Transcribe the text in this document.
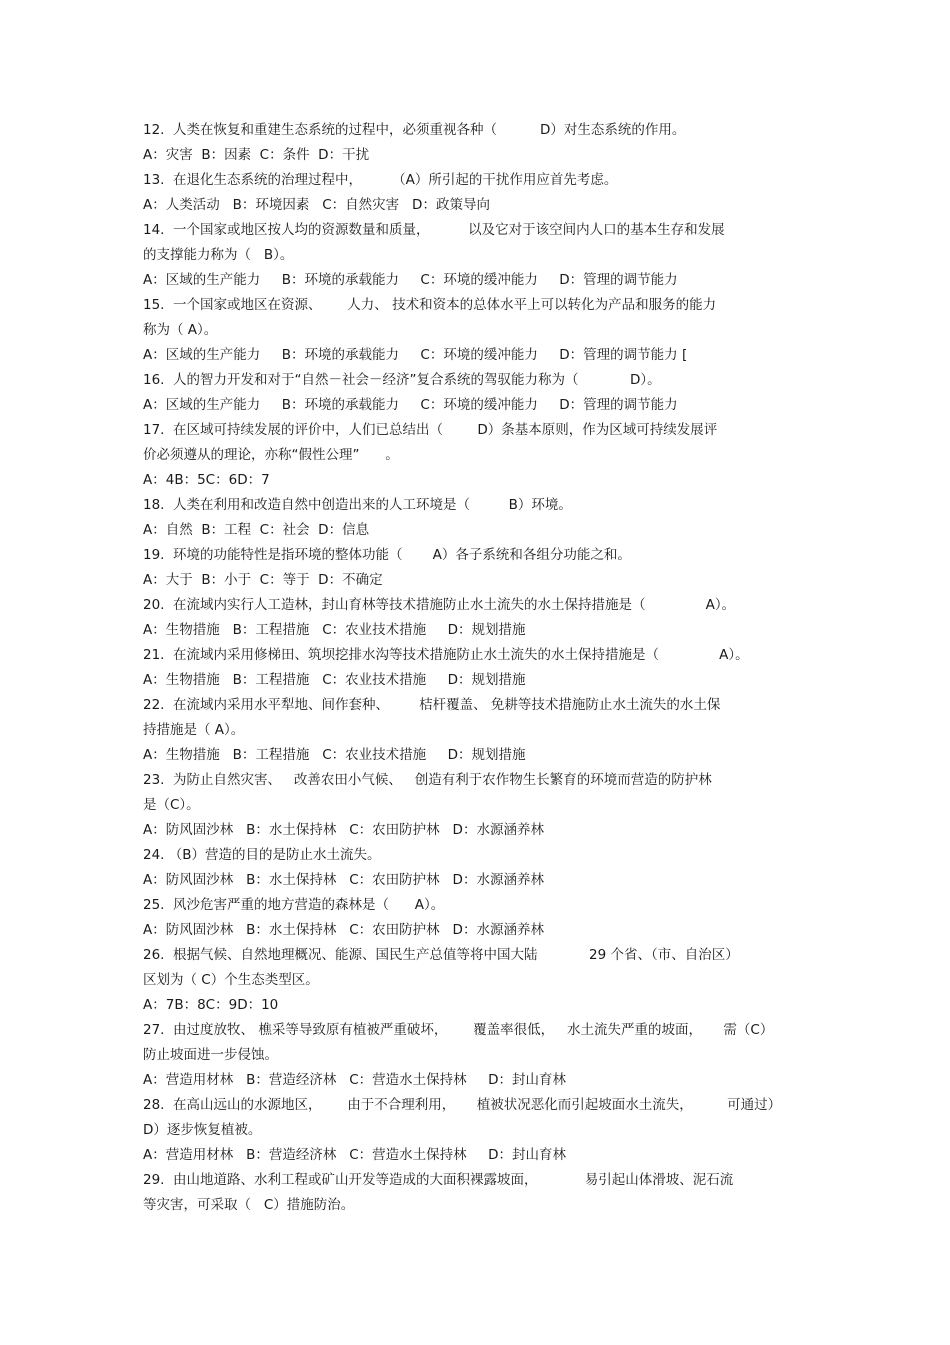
12.  人类在恢复和重建生态系统的过程中，必须重视各种（          D）对生态系统的作用。
A：灾害  B：因素  C：条件  D：干扰
13.  在退化生态系统的治理过程中，       （A）所引起的干扰作用应首先考虑。
A：人类活动   B：环境因素   C：自然灾害   D：政策导向
14.  一个国家或地区按人均的资源数量和质量，         以及它对于该空间内人口的基本生存和发展
的支撑能力称为（   B）。
A：区域的生产能力     B：环境的承载能力     C：环境的缓冲能力     D：管理的调节能力
15.  一个国家或地区在资源、      人力、 技术和资本的总体水平上可以转化为产品和服务的能力
称为（ A）。
A：区域的生产能力     B：环境的承载能力     C：环境的缓冲能力     D：管理的调节能力 [
16.  人的智力开发和对于“自然－社会－经济”复合系统的驾驭能力称为（            D）。
A：区域的生产能力     B：环境的承载能力     C：环境的缓冲能力     D：管理的调节能力
17.  在区域可持续发展的评价中，人们已总结出（        D）条基本原则，作为区域可持续发展评
价必须遵从的理论，亦称“假性公理”      。
A：4B：5C：6D：7
18.  人类在利用和改造自然中创造出来的人工环境是（         B）环境。
A：自然  B：工程  C：社会  D：信息
19.  环境的功能特性是指环境的整体功能（       A）各子系统和各组分功能之和。
A：大于  B：小于  C：等于  D：不确定
20.  在流域内实行人工造林，封山育林等技术措施防止水土流失的水土保持措施是（              A）。
A：生物措施   B：工程措施   C：农业技术措施     D：规划措施
21.  在流域内采用修梯田、筑坝挖排水沟等技术措施防止水土流失的水土保持措施是（              A）。
A：生物措施   B：工程措施   C：农业技术措施     D：规划措施
22.  在流域内采用水平犁地、间作套种、       桔杆覆盖、 免耕等技术措施防止水土流失的水土保
持措施是（ A）。
A：生物措施   B：工程措施   C：农业技术措施     D：规划措施
23.  为防止自然灾害、   改善农田小气候、   创造有利于农作物生长繁育的环境而营造的防护林
是（C）。
A：防风固沙林   B：水土保持林   C：农田防护林   D：水源涵养林
24. （B）营造的目的是防止水土流失。
A：防风固沙林   B：水土保持林   C：农田防护林   D：水源涵养林
25.  风沙危害严重的地方营造的森林是（      A）。
A：防风固沙林   B：水土保持林   C：农田防护林   D：水源涵养林
26.  根据气候、自然地理概况、能源、国民生产总值等将中国大陆            29 个省、（市、自治区）
区划为（ C）个生态类型区。
A：7B：8C：9D：10
27.  由过度放牧、 樵采等导致原有植被严重破坏，      覆盖率很低，   水土流失严重的坡面，     需（C）
防止坡面进一步侵蚀。
A：营造用材林   B：营造经济林   C：营造水土保持林     D：封山育林
28.  在高山远山的水源地区，      由于不合理利用，     植被状况恶化而引起坡面水土流失，        可通过）
D）逐步恢复植被。
A：营造用材林   B：营造经济林   C：营造水土保持林     D：封山育林
29.  由山地道路、水利工程或矿山开发等造成的大面积裸露坡面，           易引起山体滑坡、泥石流
等灾害，可采取（   C）措施防治。
